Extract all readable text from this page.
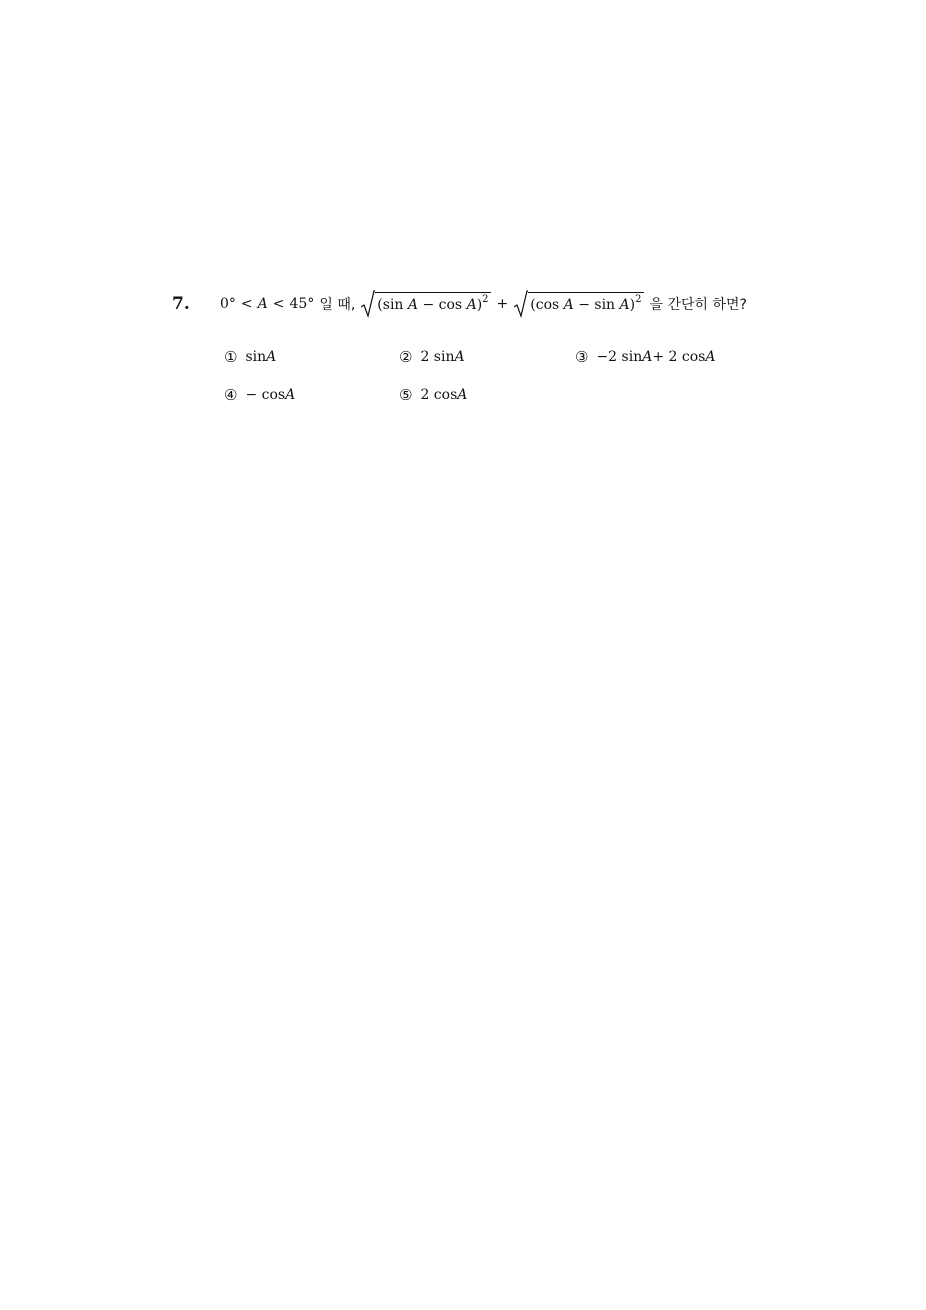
7. 0° < A < 45° 일 때, (sin A − cos A)$^2$ + (cos A − sin A)$^2$ 을 간단히 하면?
① sin A	② 2 sin A	③ −2 sin A + 2 cos A
④ − cos A	⑤ 2 cos A
